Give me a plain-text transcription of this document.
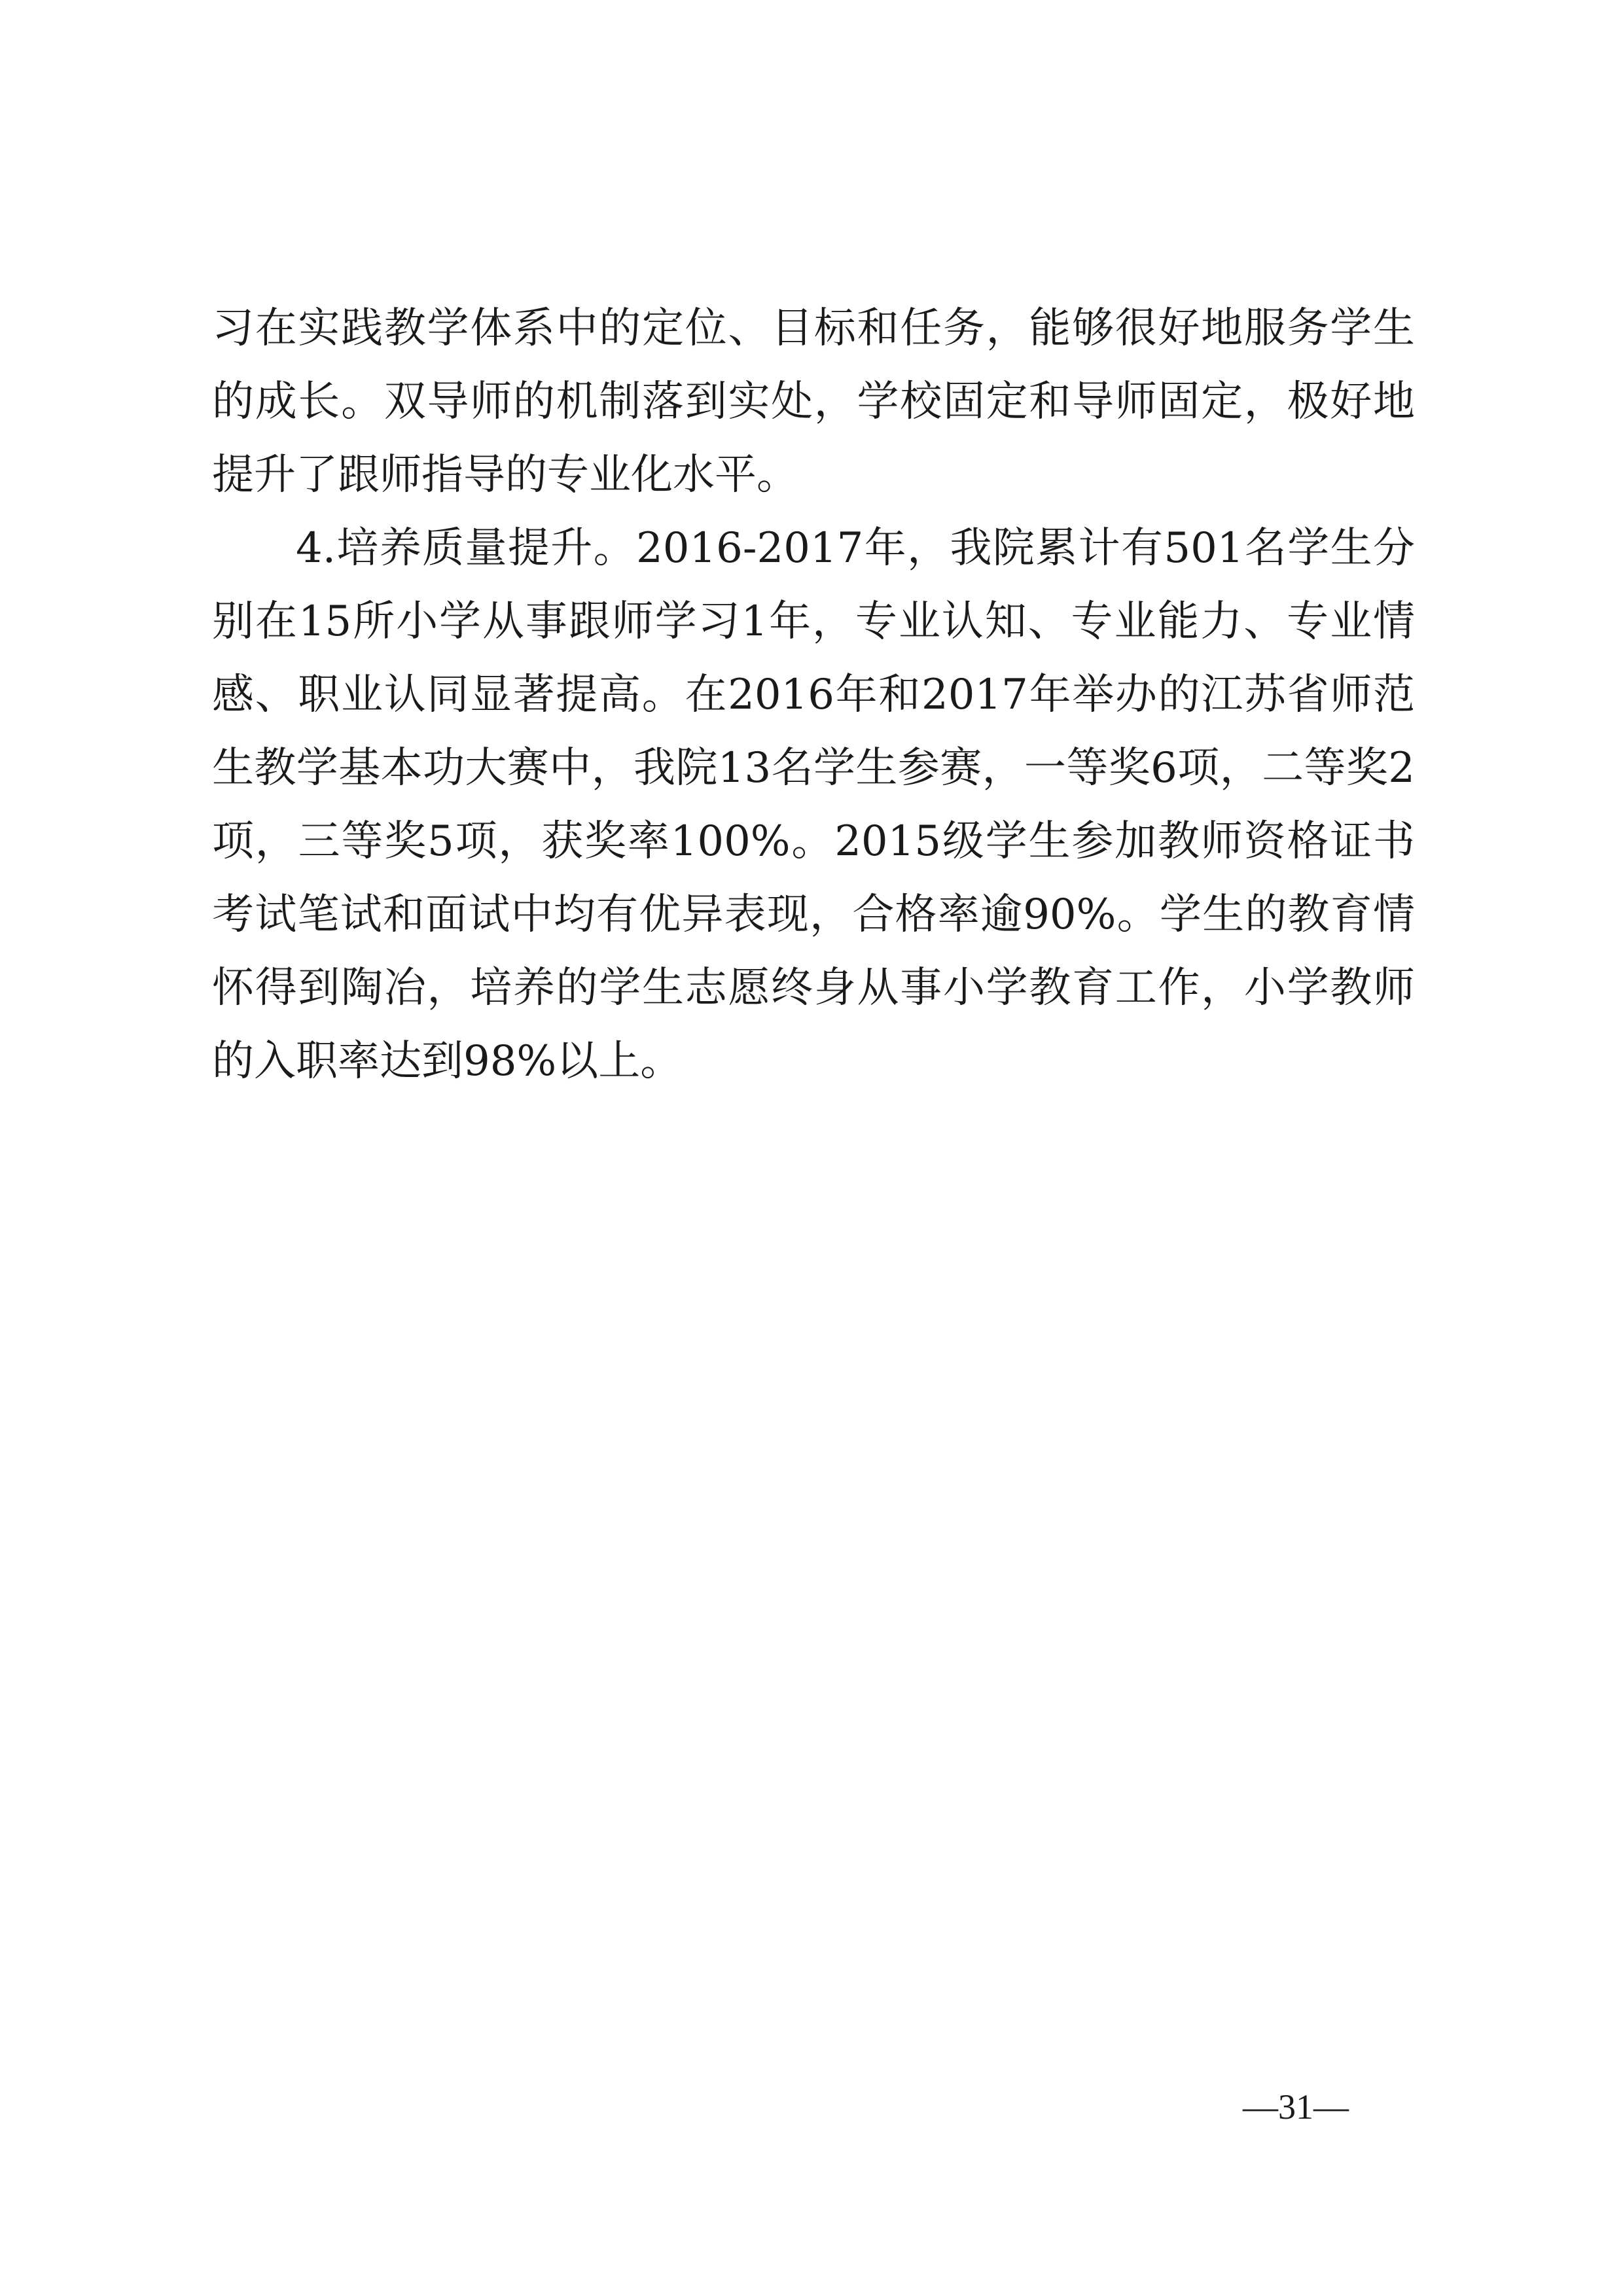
习在实践教学体系中的定位、目标和任务，能够很好地服务学生的成长。双导师的机制落到实处，学校固定和导师固定，极好地提升了跟师指导的专业化水平。

4.培养质量提升。2016-2017年，我院累计有501名学生分别在15所小学从事跟师学习1年，专业认知、专业能力、专业情感、职业认同显著提高。在2016年和2017年举办的江苏省师范生教学基本功大赛中，我院13名学生参赛，一等奖6项，二等奖2项，三等奖5项，获奖率100%。2015级学生参加教师资格证书考试笔试和面试中均有优异表现，合格率逾90%。学生的教育情怀得到陶冶，培养的学生志愿终身从事小学教育工作，小学教师的入职率达到98%以上。

—31—
